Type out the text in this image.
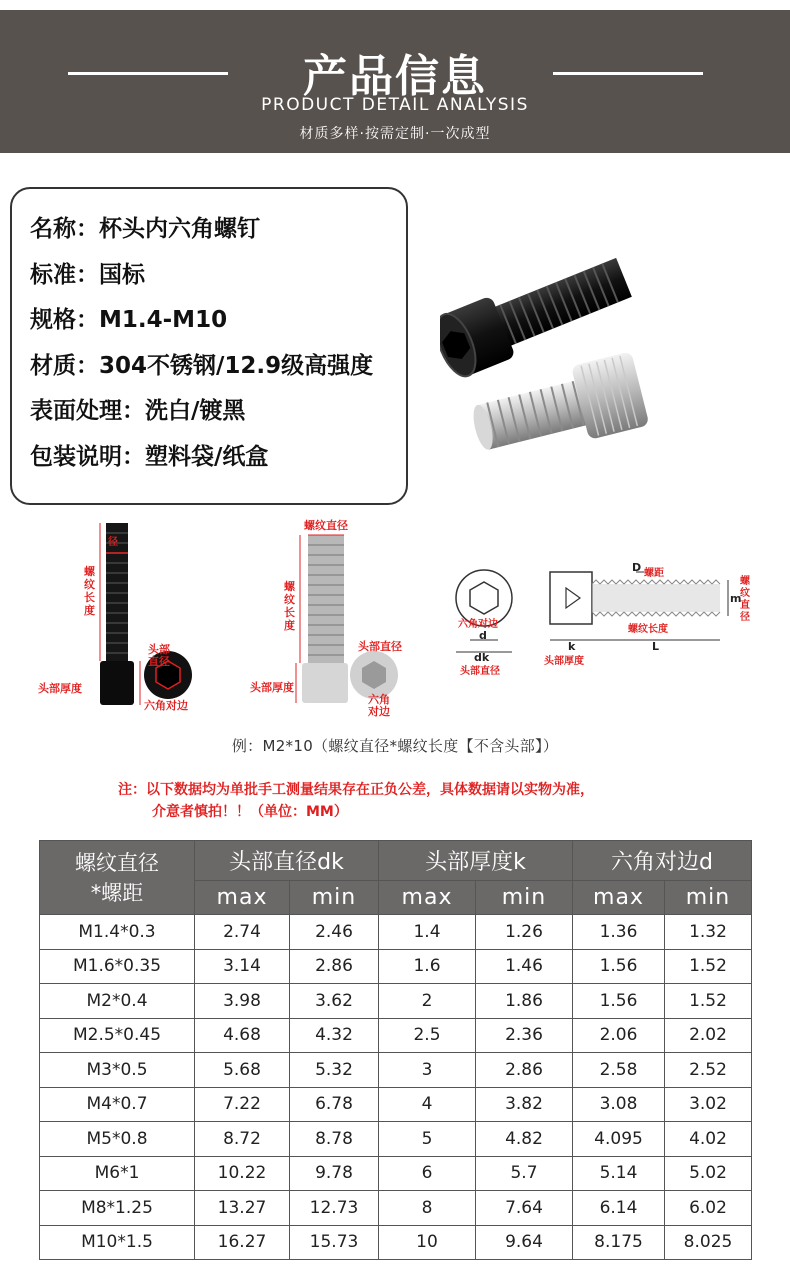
产品信息
PRODUCT DETAIL ANALYSIS
材质多样·按需定制·一次成型
名称：杯头内六角螺钉
标准：国标
规格：M1.4-M10
材质：304不锈钢/12.9级高强度
表面处理：洗白/镀黑
包装说明：塑料袋/纸盒
螺纹长度
径
头部厚度
头部直径
六角对边
螺纹直径
螺纹长度
头部直径
头部厚度
六角对边
六角对边
d
dk
头部直径
D 螺距
m
螺纹直径
螺纹长度
k	L
头部厚度
例：M2*10（螺纹直径*螺纹长度【不含头部】）
注：以下数据均为单批手工测量结果存在正负公差，具体数据请以实物为准，
介意者慎拍！！（单位：MM）
螺纹直径
*螺距	头部直径dk		头部厚度k		六角对边d	
	max	min	max	min	max	min
M1.4*0.3	2.74	2.46	1.4	1.26	1.36	1.32
M1.6*0.35	3.14	2.86	1.6	1.46	1.56	1.52
M2*0.4	3.98	3.62	2	1.86	1.56	1.52
M2.5*0.45	4.68	4.32	2.5	2.36	2.06	2.02
M3*0.5	5.68	5.32	3	2.86	2.58	2.52
M4*0.7	7.22	6.78	4	3.82	3.08	3.02
M5*0.8	8.72	8.78	5	4.82	4.095	4.02
M6*1	10.22	9.78	6	5.7	5.14	5.02
M8*1.25	13.27	12.73	8	7.64	6.14	6.02
M10*1.5	16.27	15.73	10	9.64	8.175	8.025
